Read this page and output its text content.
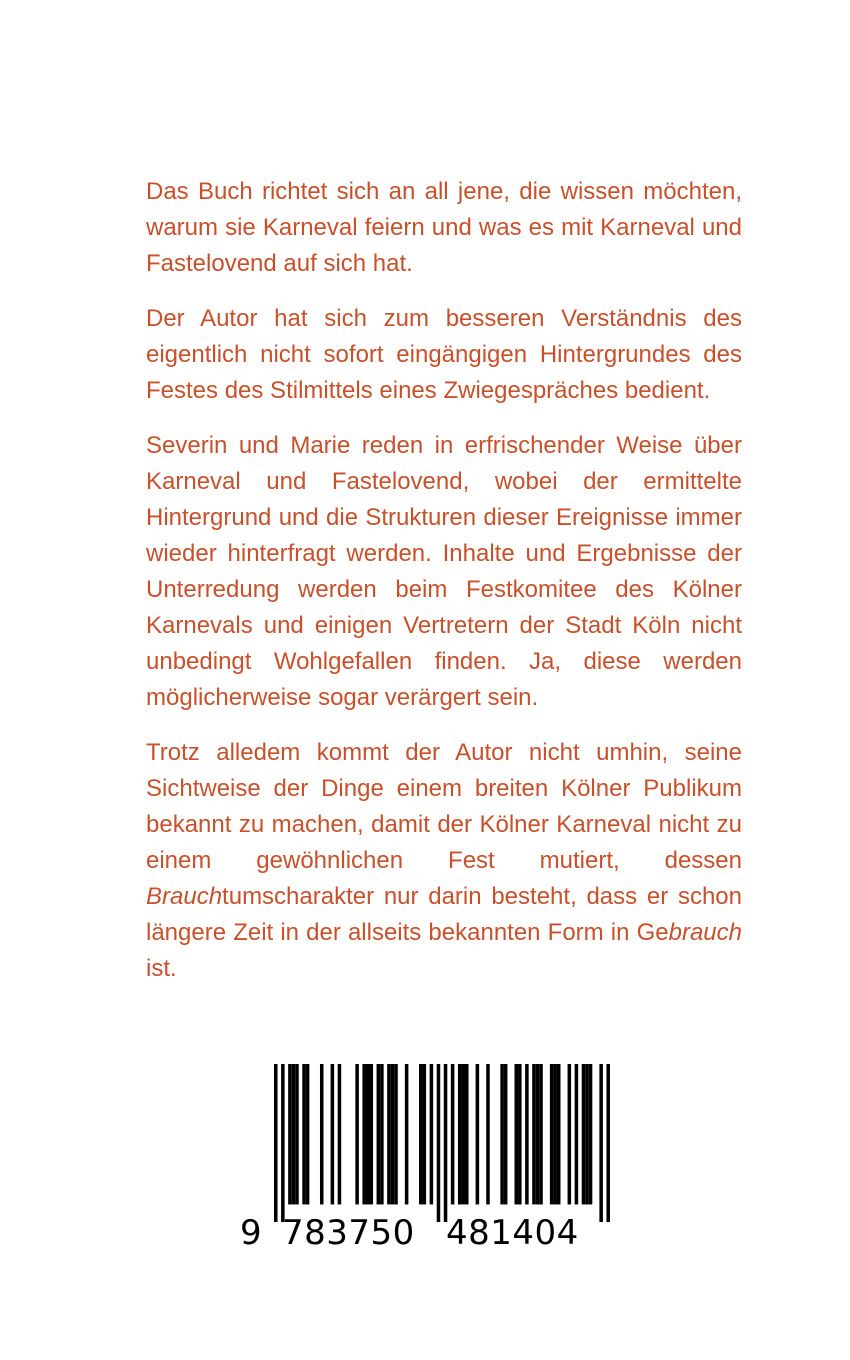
Das Buch richtet sich an all jene, die wissen möchten, warum sie Karneval feiern und was es mit Karneval und Fastelovend auf sich hat.

Der Autor hat sich zum besseren Verständnis des eigentlich nicht sofort eingängigen Hintergrundes des Festes des Stilmittels eines Zwiegespräches bedient.

Severin und Marie reden in erfrischender Weise über Karneval und Fastelovend, wobei der ermittelte Hintergrund und die Strukturen dieser Ereignisse immer wieder hinterfragt werden. Inhalte und Ergebnisse der Unterredung werden beim Festkomitee des Kölner Karnevals und einigen Vertretern der Stadt Köln nicht unbedingt Wohlgefallen finden. Ja, diese werden möglicherweise sogar verärgert sein.

Trotz alledem kommt der Autor nicht umhin, seine Sichtweise der Dinge einem breiten Kölner Publikum bekannt zu machen, damit der Kölner Karneval nicht zu einem gewöhnlichen Fest mutiert, dessen Brauchtumscharakter nur darin besteht, dass er schon längere Zeit in der allseits bekannten Form in Gebrauch ist.

9 783750 481404
